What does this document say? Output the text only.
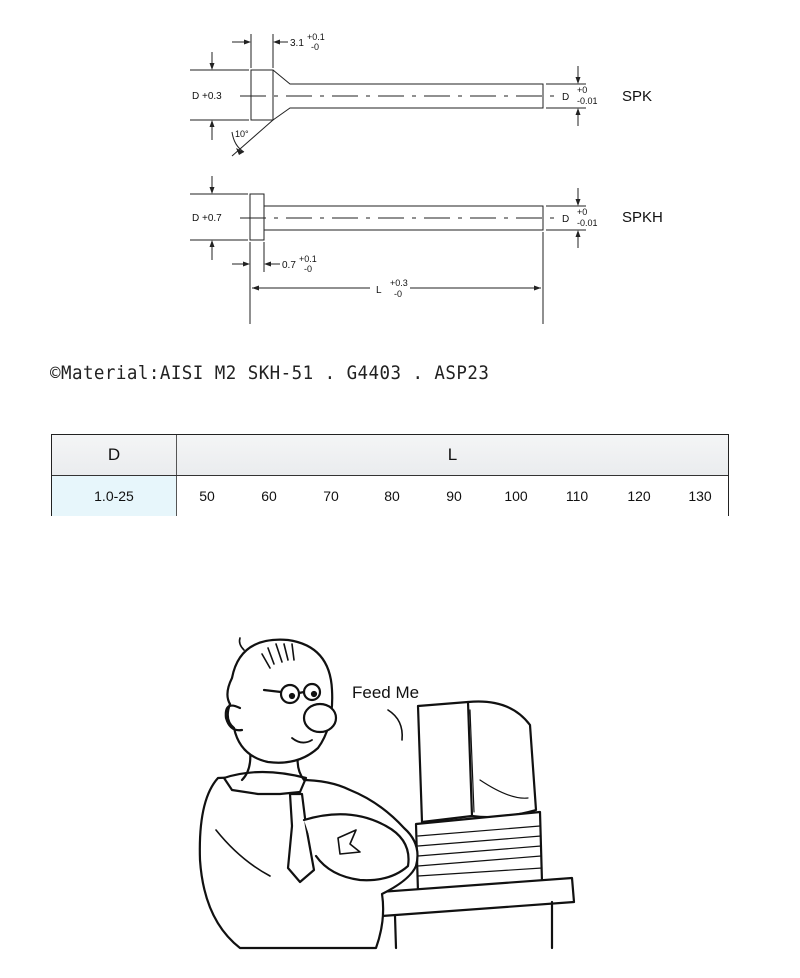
3.1
+0.1
-0
D +0.3
10°
D
+0
-0.01 SPK
D +0.7
0.7
+0.1
-0
D
+0
-0.01 SPKH
L
+0.3
-0
©Material:AISI M2 SKH-51 . G4403 . ASP23
D	L
1.0-25	50	60	70	80	90	100	110	120	130
Feed Me
